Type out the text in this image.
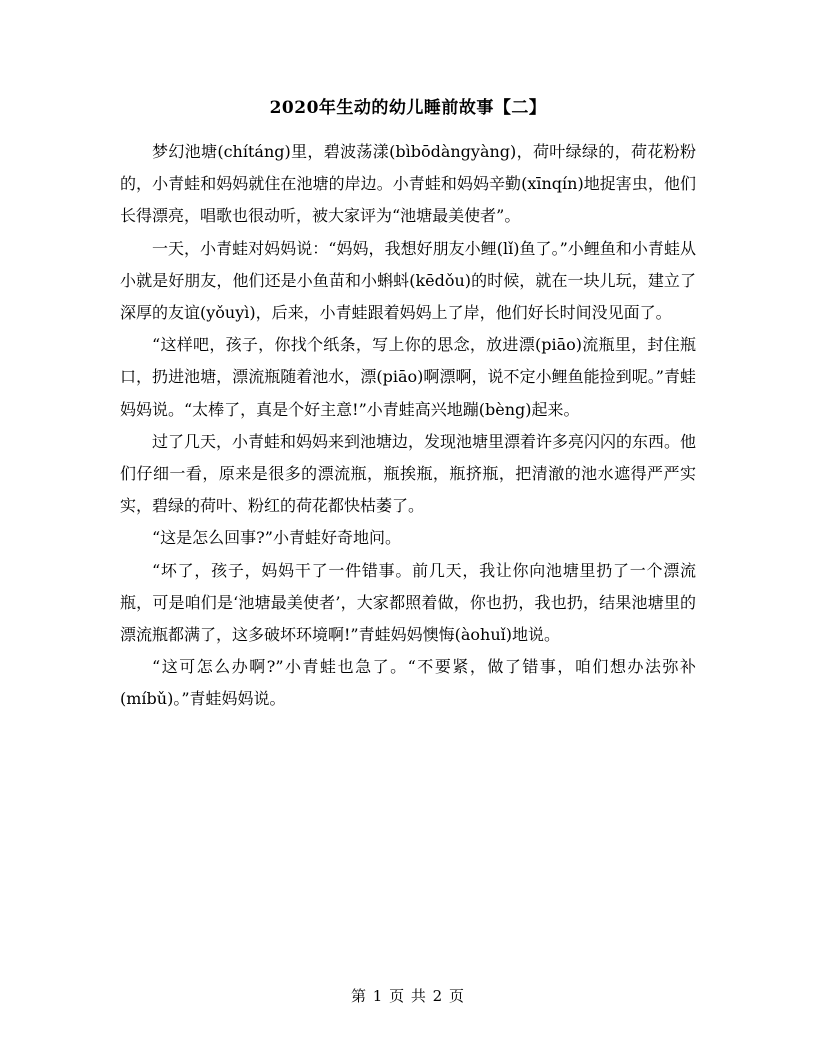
2020年生动的幼儿睡前故事【二】

梦幻池塘(chítáng)里，碧波荡漾(bìbōdàngyàng)，荷叶绿绿的，荷花粉粉的，小青蛙和妈妈就住在池塘的岸边。小青蛙和妈妈辛勤(xīnqín)地捉害虫，他们长得漂亮，唱歌也很动听，被大家评为“池塘最美使者”。

一天，小青蛙对妈妈说：“妈妈，我想好朋友小鲤(lǐ)鱼了。”小鲤鱼和小青蛙从小就是好朋友，他们还是小鱼苗和小蝌蚪(kēdǒu)的时候，就在一块儿玩，建立了深厚的友谊(yǒuyì)，后来，小青蛙跟着妈妈上了岸，他们好长时间没见面了。

“这样吧，孩子，你找个纸条，写上你的思念，放进漂(piāo)流瓶里，封住瓶口，扔进池塘，漂流瓶随着池水，漂(piāo)啊漂啊，说不定小鲤鱼能捡到呢。”青蛙妈妈说。“太棒了，真是个好主意!”小青蛙高兴地蹦(bèng)起来。

过了几天，小青蛙和妈妈来到池塘边，发现池塘里漂着许多亮闪闪的东西。他们仔细一看，原来是很多的漂流瓶，瓶挨瓶，瓶挤瓶，把清澈的池水遮得严严实实，碧绿的荷叶、粉红的荷花都快枯萎了。

“这是怎么回事?”小青蛙好奇地问。

“坏了，孩子，妈妈干了一件错事。前几天，我让你向池塘里扔了一个漂流瓶，可是咱们是‘池塘最美使者’，大家都照着做，你也扔，我也扔，结果池塘里的漂流瓶都满了，这多破坏环境啊!”青蛙妈妈懊悔(àohuǐ)地说。

“这可怎么办啊?”小青蛙也急了。“不要紧，做了错事，咱们想办法弥补(míbǔ)。”青蛙妈妈说。

第 1 页 共 2 页
